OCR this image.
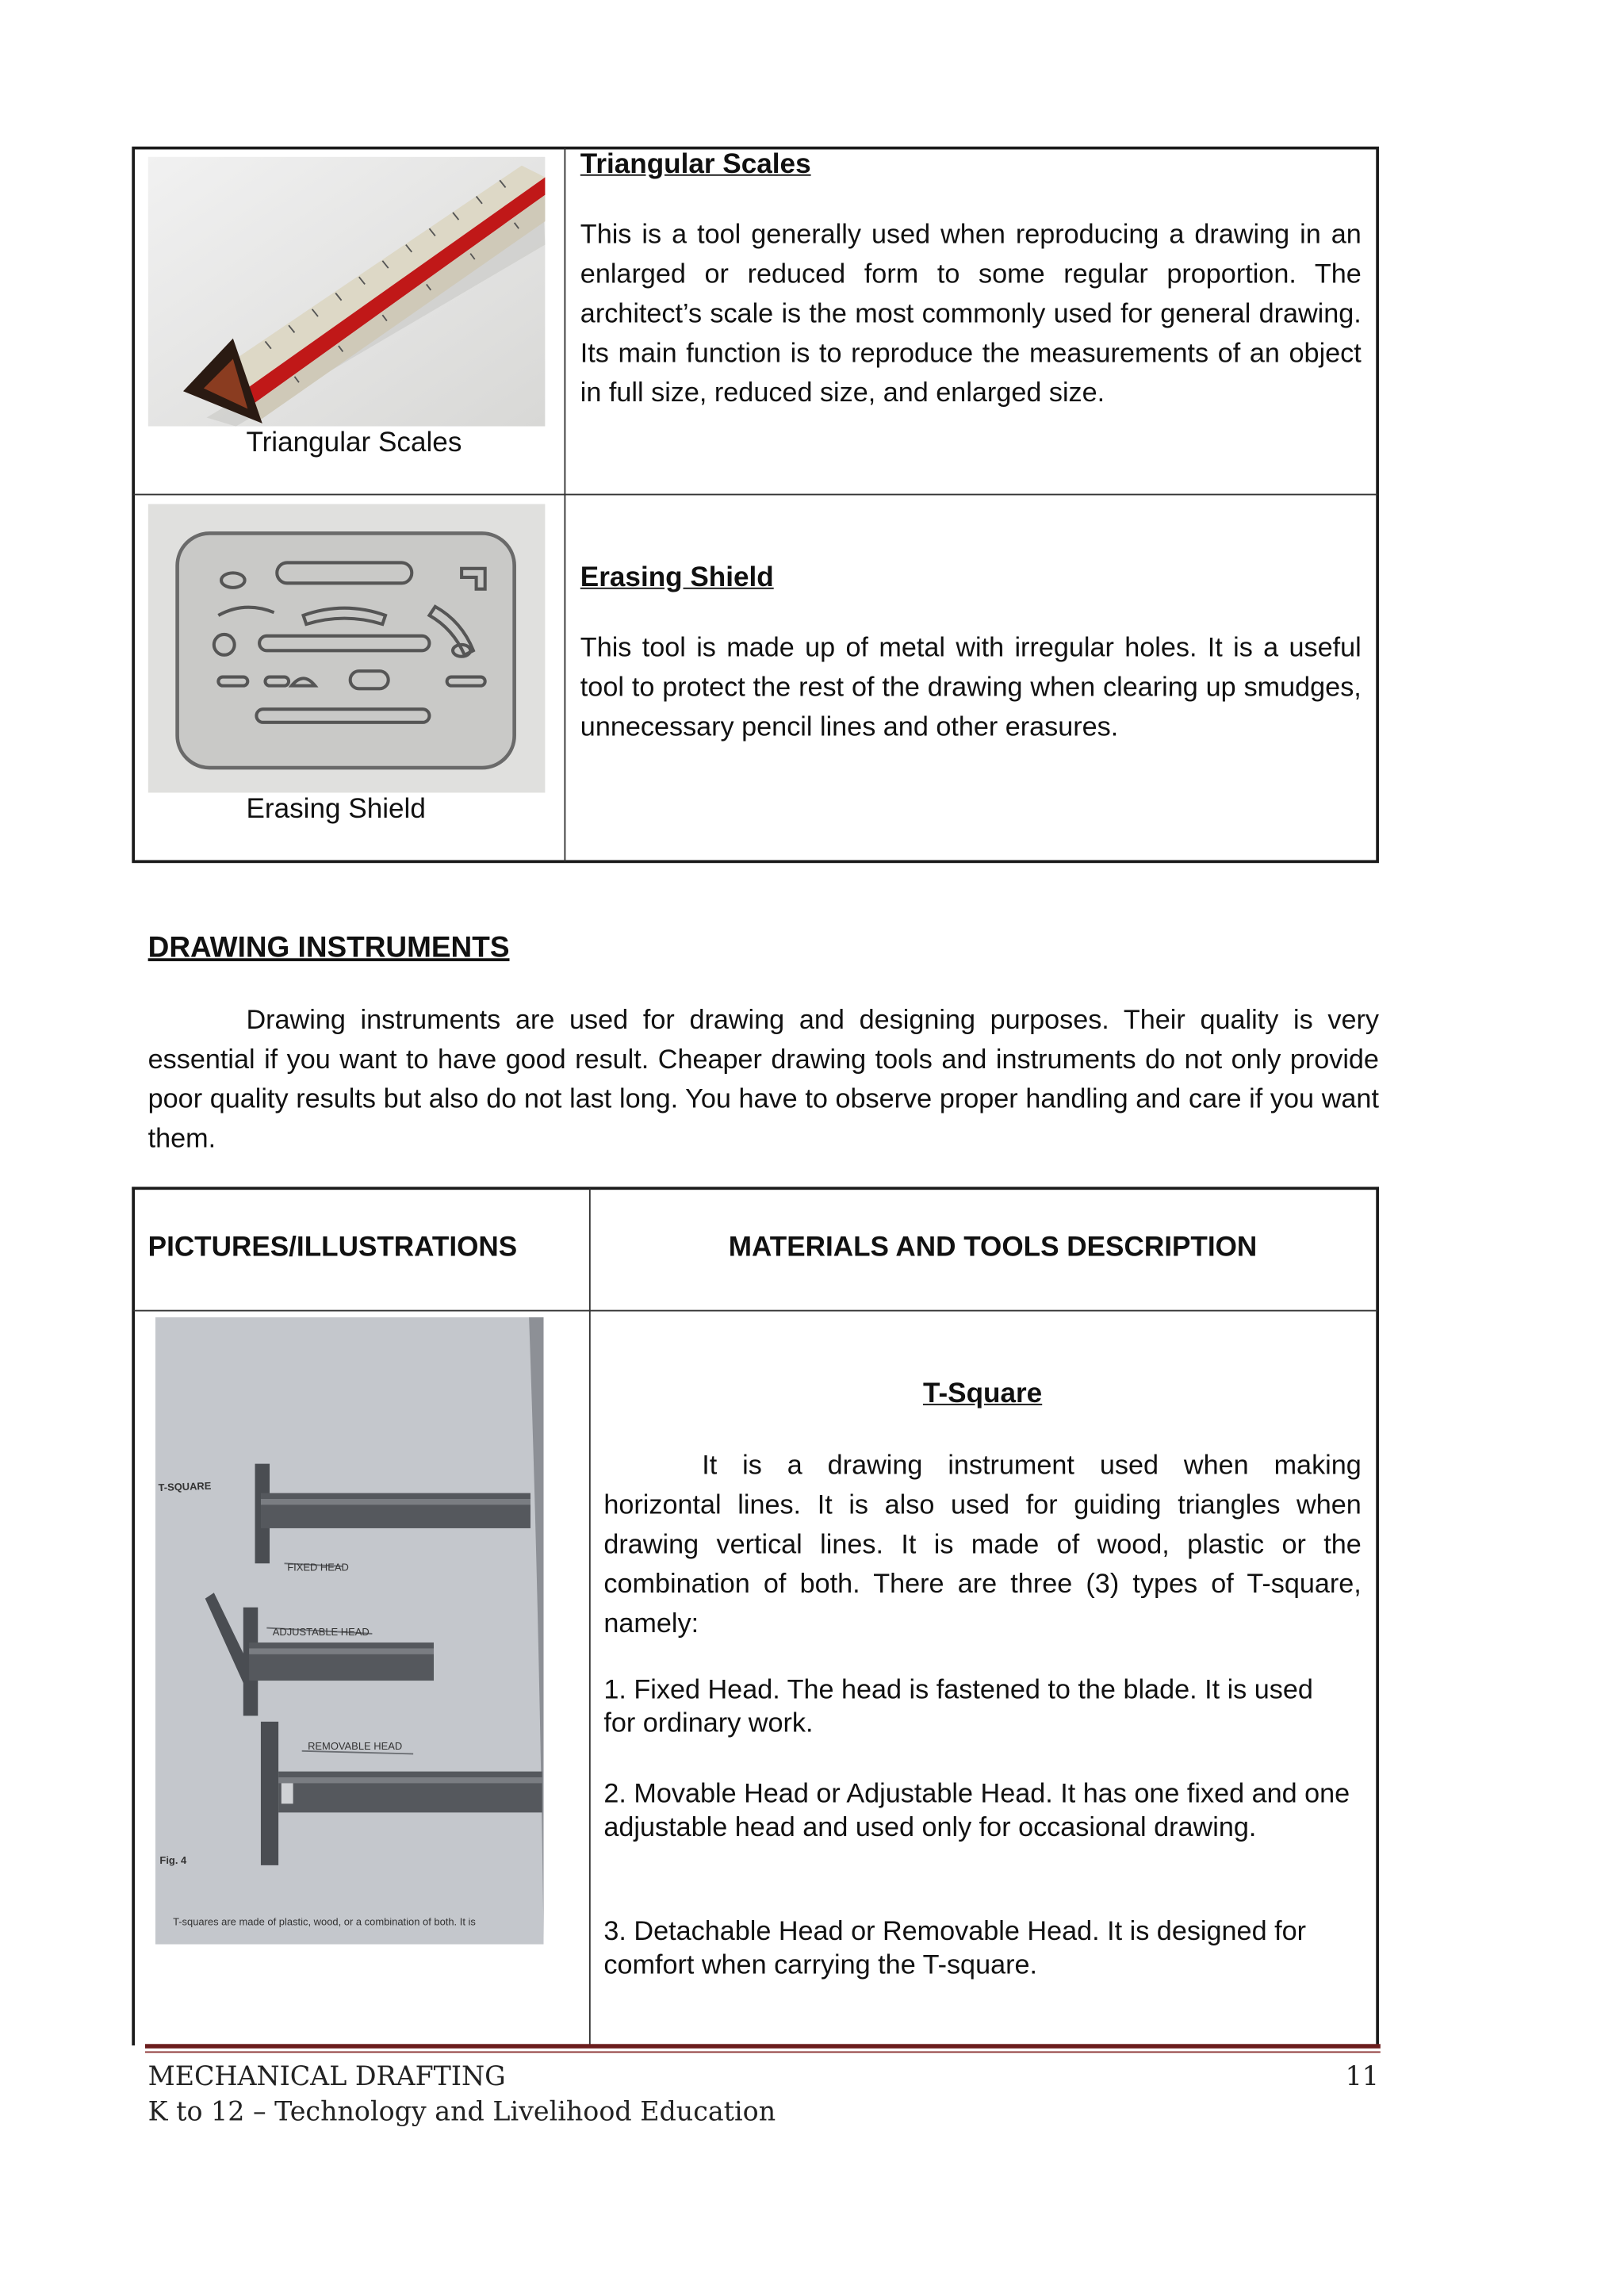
Triangular Scales
Triangular Scales
This is a tool generally used when reproducing a drawing in an enlarged or reduced form to some regular proportion. The architect’s scale is the most commonly used for general drawing. Its main function is to reproduce the measurements of an object in full size, reduced size, and enlarged size.
Erasing Shield
Erasing Shield
This tool is made up of metal with irregular holes. It is a useful tool to protect the rest of the drawing when clearing up smudges, unnecessary pencil lines and other erasures.
DRAWING INSTRUMENTS
Drawing instruments are used for drawing and designing purposes. Their quality is very essential if you want to have good result. Cheaper drawing tools and instruments do not only provide poor quality results but also do not last long. You have to observe proper handling and care if you want them.
PICTURES/ILLUSTRATIONS	MATERIALS AND TOOLS DESCRIPTION
T-SQUARE
FIXED HEAD
ADJUSTABLE HEAD
REMOVABLE HEAD
Fig. 4
T-squares are made of plastic, wood, or a combination of both. It is
T-Square
It is a drawing instrument used when making horizontal lines. It is also used for guiding triangles when drawing vertical lines. It is made of wood, plastic or the combination of both. There are three (3) types of T-square, namely:
1. Fixed Head. The head is fastened to the blade. It is used for ordinary work.
2. Movable Head or Adjustable Head. It has one fixed and one adjustable head and used only for occasional drawing.
3. Detachable Head or Removable Head. It is designed for comfort when carrying the T-square.
MECHANICAL DRAFTING
K to 12 – Technology and Livelihood Education
11
